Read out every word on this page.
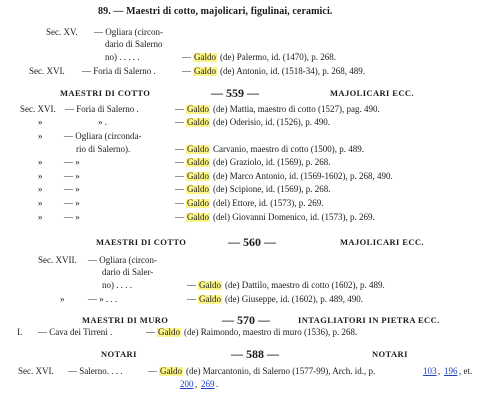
89. — Maestri di cotto, majolicari, figulinai, ceramici.
Sec. XV. — Ogliara (circon-
dario di Salerno
no) . . . . .	— Galdo (de) Palermo, id. (1470), p. 268.
Sec. XVI. — Foria di Salerno .	— Galdo (de) Antonio, id. (1518-34), p. 268, 489.
MAESTRI DI COTTO	— 559 —	MAJOLICARI ECC.
Sec. XVI. — Foria di Salerno .	— Galdo (de) Mattia, maestro di cotto (1527), pag. 490.
»	» .	— Galdo (de) Oderisio, id. (1526), p. 490.
» — Ogliara (circonda-
rio di Salerno).	— Galdo Carvanio, maestro di cotto (1500), p. 489.
» — »	— Galdo (de) Graziolo, id. (1569), p. 268.
» — »	— Galdo (de) Marco Antonio, id. (1569-1602), p. 268, 490.
» — »	— Galdo (de) Scipione, id. (1569), p. 268.
» — »	— Galdo (del) Ettore, id. (1573), p. 269.
» — »	— Galdo (del) Giovanni Domenico, id. (1573), p. 269.
MAESTRI DI COTTO	— 560 —	MAJOLICARI ECC.
Sec. XVII. — Ogliara (circon-
dario di Saler-
no) . . . .	— Galdo (de) Dattilo, maestro di cotto (1602), p. 489.
»	— » . . .	— Galdo (de) Giuseppe, id. (1602), p. 489, 490.
MAESTRI DI MURO	— 570 —	INTAGLIATORI IN PIETRA ECC.
I. — Cava dei Tirreni .	— Galdo (de) Raimondo, maestro di muro (1536), p. 268.
NOTARI	— 588 —	NOTARI
Sec. XVI. — Salerno. . . .	— Galdo (de) Marcantonio, di Salerno (1577-99), Arch. id., p.	103 , 196 , et.
200 , 269 .
